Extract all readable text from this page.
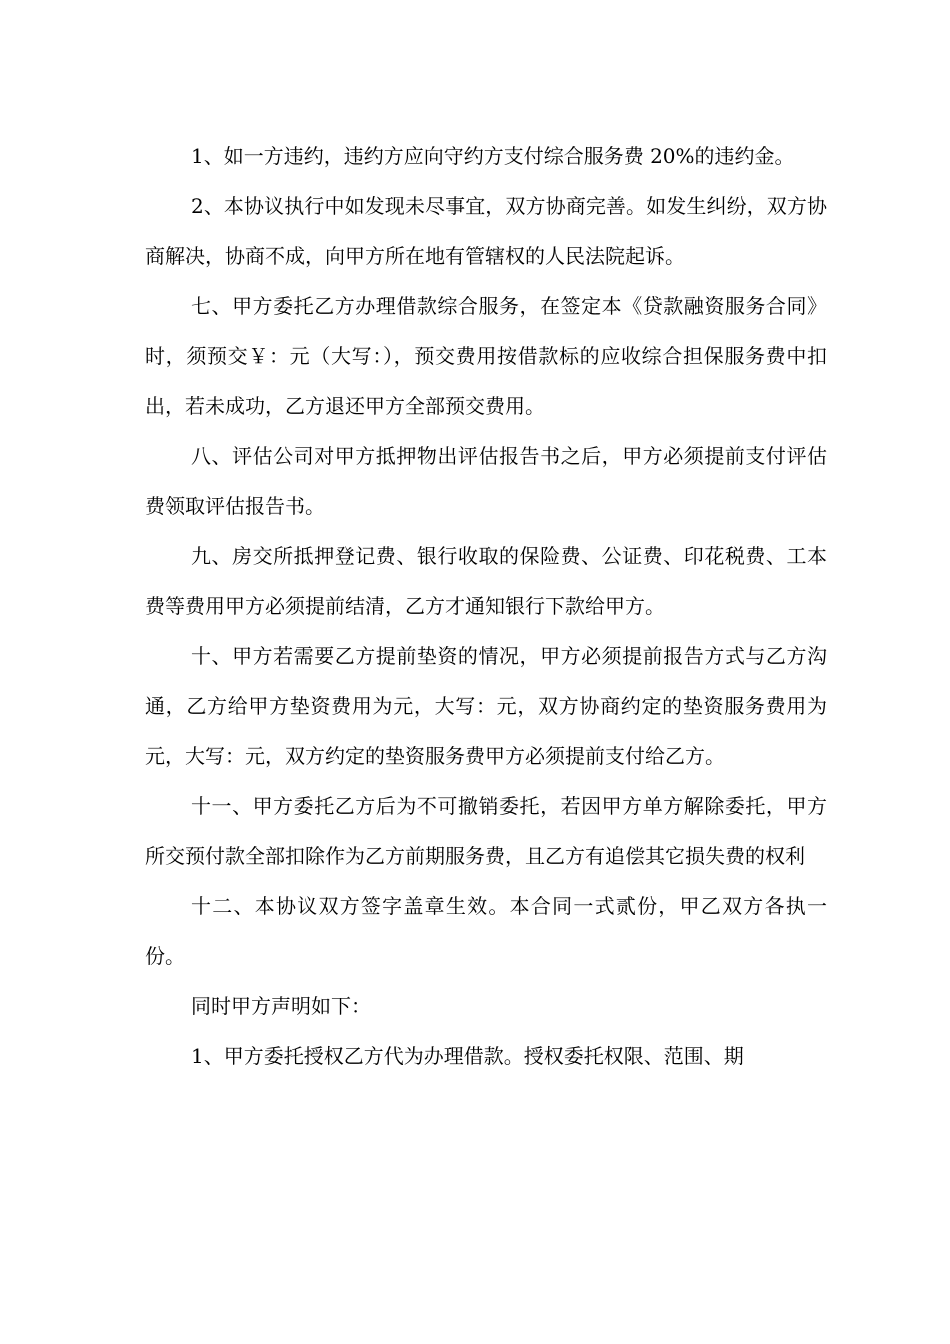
1、如一方违约，违约方应向守约方支付综合服务费 20%的违约金。

2、本协议执行中如发现未尽事宜，双方协商完善。如发生纠纷，双方协商解决，协商不成，向甲方所在地有管辖权的人民法院起诉。

七、甲方委托乙方办理借款综合服务，在签定本《贷款融资服务合同》时，须预交￥：元（大写：），预交费用按借款标的应收综合担保服务费中扣出，若未成功，乙方退还甲方全部预交费用。

八、评估公司对甲方抵押物出评估报告书之后，甲方必须提前支付评估费领取评估报告书。

九、房交所抵押登记费、银行收取的保险费、公证费、印花税费、工本费等费用甲方必须提前结清，乙方才通知银行下款给甲方。

十、甲方若需要乙方提前垫资的情况，甲方必须提前报告方式与乙方沟通，乙方给甲方垫资费用为元，大写：元，双方协商约定的垫资服务费用为元，大写：元，双方约定的垫资服务费甲方必须提前支付给乙方。

十一、甲方委托乙方后为不可撤销委托，若因甲方单方解除委托，甲方所交预付款全部扣除作为乙方前期服务费，且乙方有追偿其它损失费的权利

十二、本协议双方签字盖章生效。本合同一式贰份，甲乙双方各执一份。

同时甲方声明如下：

1、甲方委托授权乙方代为办理借款。授权委托权限、范围、期
